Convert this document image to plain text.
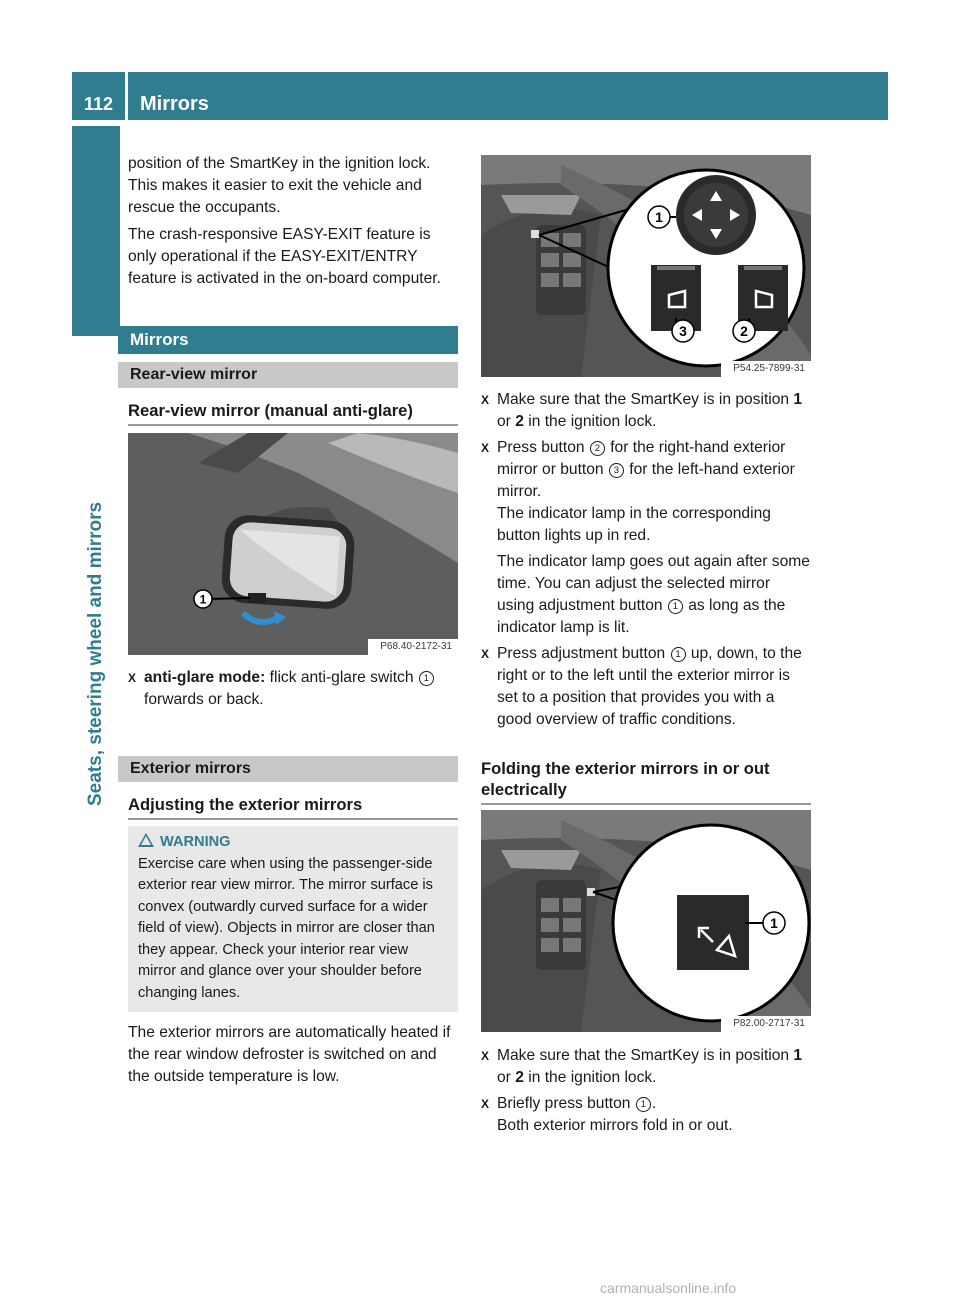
112	Mirrors
Seats, steering wheel and mirrors

position of the SmartKey in the ignition lock. This makes it easier to exit the vehicle and rescue the occupants.

The crash-responsive EASY-EXIT feature is only operational if the EASY-EXIT/ENTRY feature is activated in the on-board computer.

Mirrors
Rear-view mirror
Rear-view mirror (manual anti-glare)
1
P68.40-2172-31
X anti-glare mode: flick anti-glare switch 1 forwards or back.
Exterior mirrors
Adjusting the exterior mirrors
WARNING
Exercise care when using the passenger-side exterior rear view mirror. The mirror surface is convex (outwardly curved surface for a wider field of view). Objects in mirror are closer than they appear. Check your interior rear view mirror and glance over your shoulder before changing lanes.
The exterior mirrors are automatically heated if the rear window defroster is switched on and the outside temperature is low.
1
3	2
P54.25-7899-31
X Make sure that the SmartKey is in position 1 or 2 in the ignition lock.
X Press button 2 for the right-hand exterior mirror or button 3 for the left-hand exterior mirror.
The indicator lamp in the corresponding button lights up in red.
The indicator lamp goes out again after some time. You can adjust the selected mirror using adjustment button 1 as long as the indicator lamp is lit.
X Press adjustment button 1 up, down, to the right or to the left until the exterior mirror is set to a position that provides you with a good overview of traffic conditions.
Folding the exterior mirrors in or out electrically
1
P82.00-2717-31
X Make sure that the SmartKey is in position 1 or 2 in the ignition lock.
X Briefly press button 1 .
Both exterior mirrors fold in or out.
carmanualsonline.info
